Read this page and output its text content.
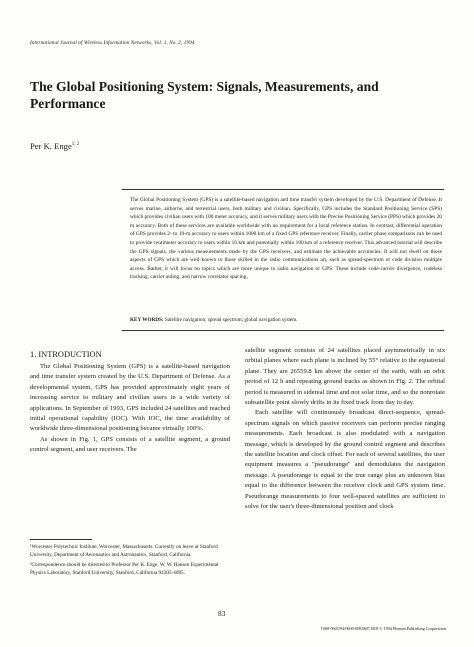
International Journal of Wireless Information Networks, Vol. 1, No. 2, 1994
The Global Positioning System: Signals, Measurements, and Performance
Per K. Enge$^{1, 2}$
The Global Positioning System (GPS) is a satellite-based navigation and time transfer system developed by the U.S. Department of Defense. It serves marine, airborne, and terrestrial users, both military and civilian. Specifically, GPS includes the Standard Positioning Service (SPS) which provides civilian users with 100 meter accuracy, and it serves military users with the Precise Positioning Service (PPS) which provides 20 m accuracy. Both of these services are available worldwide with no requirement for a local reference station. In contrast, differential operation of GPS provides 2- to 10-m accuracy to users within 1000 km of a fixed GPS reference receiver. Finally, carrier phase comparisons can be used to provide centimeter accuracy to users within 10 km and potentially within 100 km of a reference receiver. This advanced tutorial will describe the GPS signals, the various measurements made by the GPS receivers, and estimate the achievable accuracies. It will not dwell on those aspects of GPS which are well known to those skilled in the radio communications art, such as spread-spectrum or code division multiple access. Rather, it will focus on topics which are more unique to radio navigation or GPS. These include code-carrier divergence, codeless tracking, carrier aiding, and narrow correlator spacing.
KEY WORDS: Satellite navigation; spread spectrum; global navigation system.
1. INTRODUCTION

The Global Positioning System (GPS) is a satellite-based navigation and time transfer system created by the U.S. Department of Defense. As a developmental system, GPS has provided approximately eight years of increasing service to military and civilian users in a wide variety of applications. In September of 1993, GPS included 24 satellites and reached initial operational capability (IOC). With IOC, the time availability of worldwide three-dimensional positioning became virtually 100%.

As shown in Fig. 1, GPS consists of a satellite segment, a ground control segment, and user receivers. The

¹Worcester Polytechnic Institute, Worcester, Massachusetts. Currently on leave at Stanford University, Department of Aeronautics and Astronautics, Stanford, California.

²Correspondence should be directed to Professor Per K. Enge, W. W. Hansen Experimental Physics Laboratory, Stanford University, Stanford, California 94305-4085.

satellite segment consists of 24 satellites placed asymmetrically in six orbital planes where each plane is inclined by 55° relative to the equatorial plane. They are 26559.8 km above the center of the earth, with an orbit period of 12 h and repeating ground tracks as shown in Fig. 2. The orbital period is measured in sidereal time and not solar time, and so the nonrotate subsatellite point slowly drifts in its fixed track from day to day.

Each satellite will continuously broadcast direct-sequence, spread-spectrum signals on which passive receivers can perform precise ranging measurements. Each broadcast is also modulated with a navigation message, which is developed by the ground control segment and describes the satellite location and clock offset. For each of several satellites, the user equipment measures a "pseudorange" and demodulates the navigation message. A pseudorange is equal to the true range plus an unknown bias equal to the difference between the receiver clock and GPS system time. Pseudorange measurements to four well-spaced satellites are sufficient to solve for the user's three-dimensional position and clock

83
1068-9605/94/0600-0083$07.00/0 © 1994 Plenum Publishing Corporation
